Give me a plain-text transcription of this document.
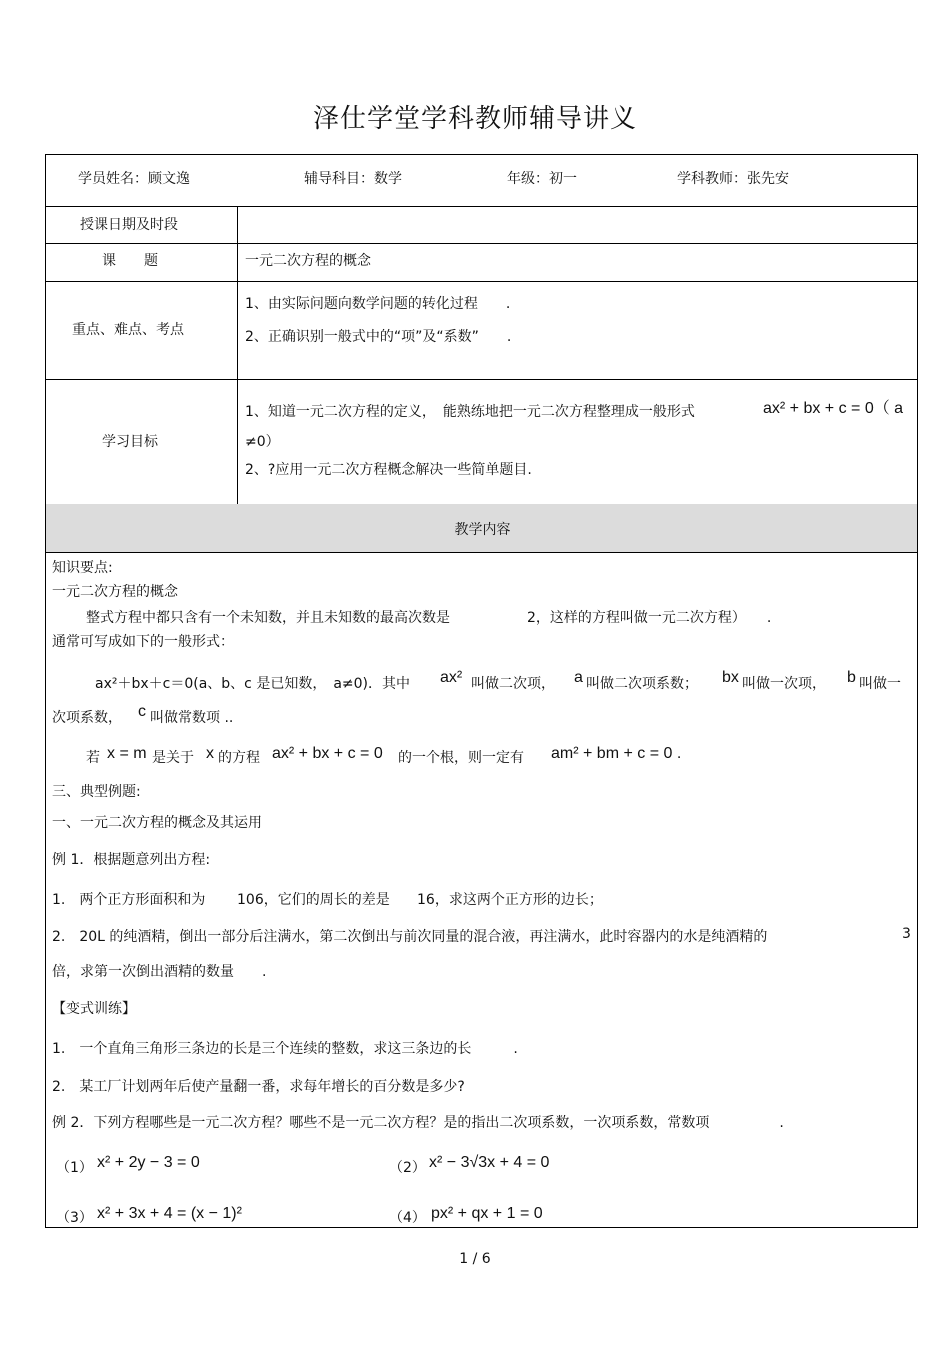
泽仕学堂学科教师辅导讲义
学员姓名：顾文逸	辅导科目：数学	年级：初一	学科教师：张先安
授课日期及时段
课　　题	一元二次方程的概念
重点、难点、考点
1、由实际问题向数学问题的转化过程　　.
2、正确识别一般式中的“项”及“系数”　　.
学习目标
1、知道一元二次方程的定义，　能熟练地把一元二次方程整理成一般形式	ax² + bx + c = 0（ a
≠0）
2、?应用一元二次方程概念解决一些简单题目.
教学内容
知识要点:
一元二次方程的概念
整式方程中都只含有一个未知数，并且未知数的最高次数是	2，这样的方程叫做一元二次方程）　　.
通常可写成如下的一般形式：
ax²＋bx＋c＝0(a、b、c 是已知数，　a≠0)．其中 ax² 叫做二次项， a 叫做二次项系数； bx 叫做一次项， b 叫做一
次项系数， c 叫做常数项 ..
若 x = m 是关于 x 的方程 ax² + bx + c = 0 的一个根，则一定有 am² + bm + c = 0 .
三、典型例题:
一、一元二次方程的概念及其运用
例 1．根据题意列出方程:
1.　两个正方形面积和为 106，它们的周长的差是 16，求这两个正方形的边长；
2.　20L 的纯酒精，倒出一部分后注满水，第二次倒出与前次同量的混合液，再注满水，此时容器内的水是纯酒精的	3
倍，求第一次倒出酒精的数量　　.
【变式训练】
1.　一个直角三角形三条边的长是三个连续的整数，求这三条边的长　　　.
2.　某工厂计划两年后使产量翻一番，求每年增长的百分数是多少?
例 2．下列方程哪些是一元二次方程？哪些不是一元二次方程？是的指出二次项系数，一次项系数，常数项　　　　　.
（1） x² + 2y − 3 = 0	（2） x² − 3√3x + 4 = 0
（3） x² + 3x + 4 = (x − 1)²	（4） px² + qx + 1 = 0
1 / 6
